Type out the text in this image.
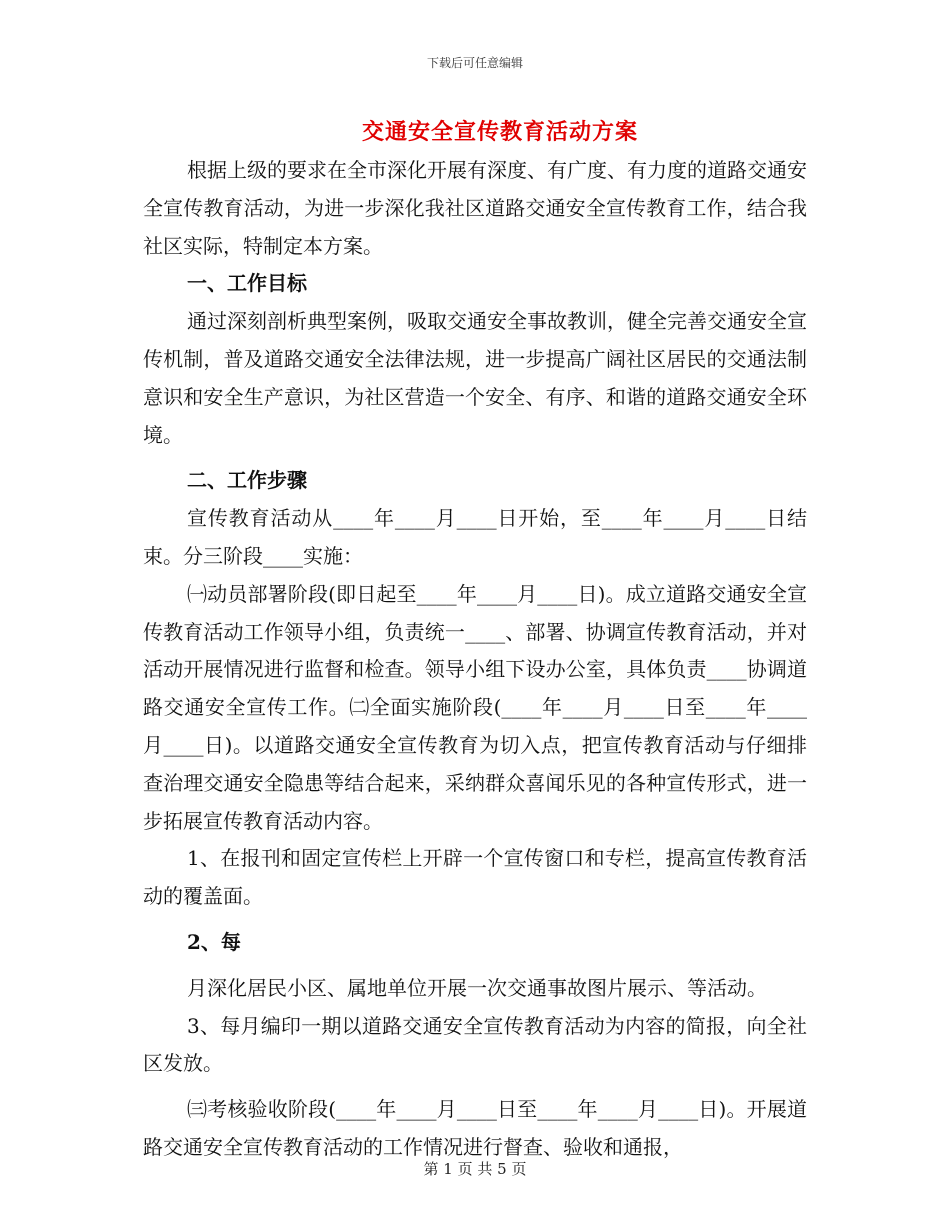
下载后可任意编辑
交通安全宣传教育活动方案

根据上级的要求在全市深化开展有深度、有广度、有力度的道路交通安全宣传教育活动，为进一步深化我社区道路交通安全宣传教育工作，结合我社区实际，特制定本方案。

一、工作目标

通过深刻剖析典型案例，吸取交通安全事故教训，健全完善交通安全宣传机制，普及道路交通安全法律法规，进一步提高广阔社区居民的交通法制意识和安全生产意识，为社区营造一个安全、有序、和谐的道路交通安全环境。

二、工作步骤

宣传教育活动从____年____月____日开始，至____年____月____日结束。分三阶段____实施：

㈠动员部署阶段(即日起至____年____月____日)。成立道路交通安全宣传教育活动工作领导小组，负责统一____、部署、协调宣传教育活动，并对活动开展情况进行监督和检查。领导小组下设办公室，具体负责____协调道路交通安全宣传工作。㈡全面实施阶段(____年____月____日至____年____月____日)。以道路交通安全宣传教育为切入点，把宣传教育活动与仔细排查治理交通安全隐患等结合起来，采纳群众喜闻乐见的各种宣传形式，进一步拓展宣传教育活动内容。

1、在报刊和固定宣传栏上开辟一个宣传窗口和专栏，提高宣传教育活动的覆盖面。

2、每

月深化居民小区、属地单位开展一次交通事故图片展示、等活动。

3、每月编印一期以道路交通安全宣传教育活动为内容的简报，向全社区发放。

㈢考核验收阶段(____年____月____日至____年____月____日)。开展道路交通安全宣传教育活动的工作情况进行督查、验收和通报，

第 1 页 共 5 页
